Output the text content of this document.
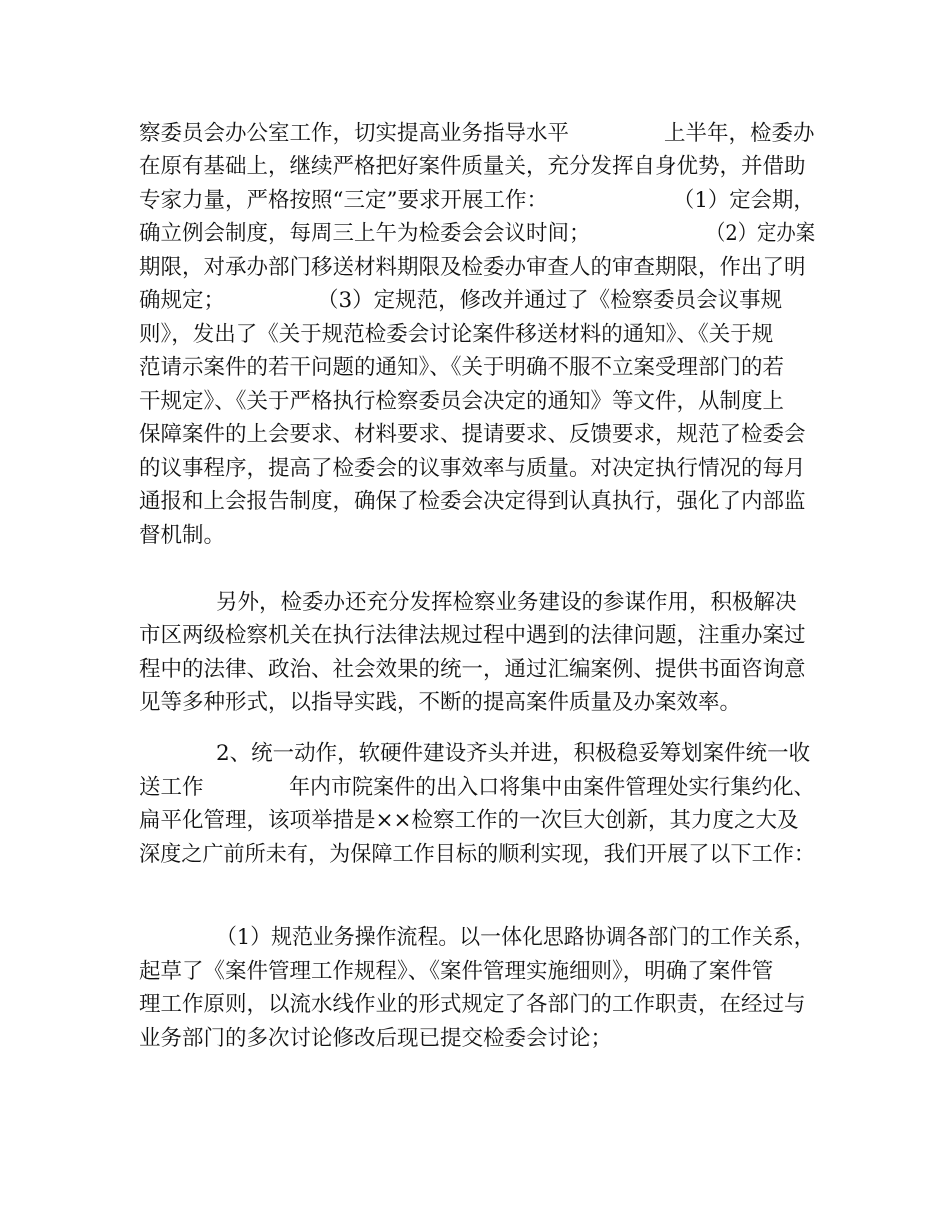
察委员会办公室工作，切实提高业务指导水平	上半年，检委办
在原有基础上，继续严格把好案件质量关，充分发挥自身优势，并借助
专家力量，严格按照“三定”要求开展工作：	（1）定会期，
确立例会制度，每周三上午为检委会会议时间；	（2）定办案
期限，对承办部门移送材料期限及检委办审查人的审查期限，作出了明
确规定；	（3）定规范，修改并通过了《检察委员会议事规
则》，发出了《关于规范检委会讨论案件移送材料的通知》、《关于规
范请示案件的若干问题的通知》、《关于明确不服不立案受理部门的若
干规定》、《关于严格执行检察委员会决定的通知》等文件，从制度上
保障案件的上会要求、材料要求、提请要求、反馈要求，规范了检委会
的议事程序，提高了检委会的议事效率与质量。对决定执行情况的每月
通报和上会报告制度，确保了检委会决定得到认真执行，强化了内部监
督机制。
另外，检委办还充分发挥检察业务建设的参谋作用，积极解决
市区两级检察机关在执行法律法规过程中遇到的法律问题，注重办案过
程中的法律、政治、社会效果的统一，通过汇编案例、提供书面咨询意
见等多种形式，以指导实践，不断的提高案件质量及办案效率。
2、统一动作，软硬件建设齐头并进，积极稳妥筹划案件统一收
送工作	年内市院案件的出入口将集中由案件管理处实行集约化、
扁平化管理，该项举措是××检察工作的一次巨大创新，其力度之大及
深度之广前所未有，为保障工作目标的顺利实现，我们开展了以下工作：
（1）规范业务操作流程。以一体化思路协调各部门的工作关系，
起草了《案件管理工作规程》、《案件管理实施细则》，明确了案件管
理工作原则，以流水线作业的形式规定了各部门的工作职责，在经过与
业务部门的多次讨论修改后现已提交检委会讨论；
